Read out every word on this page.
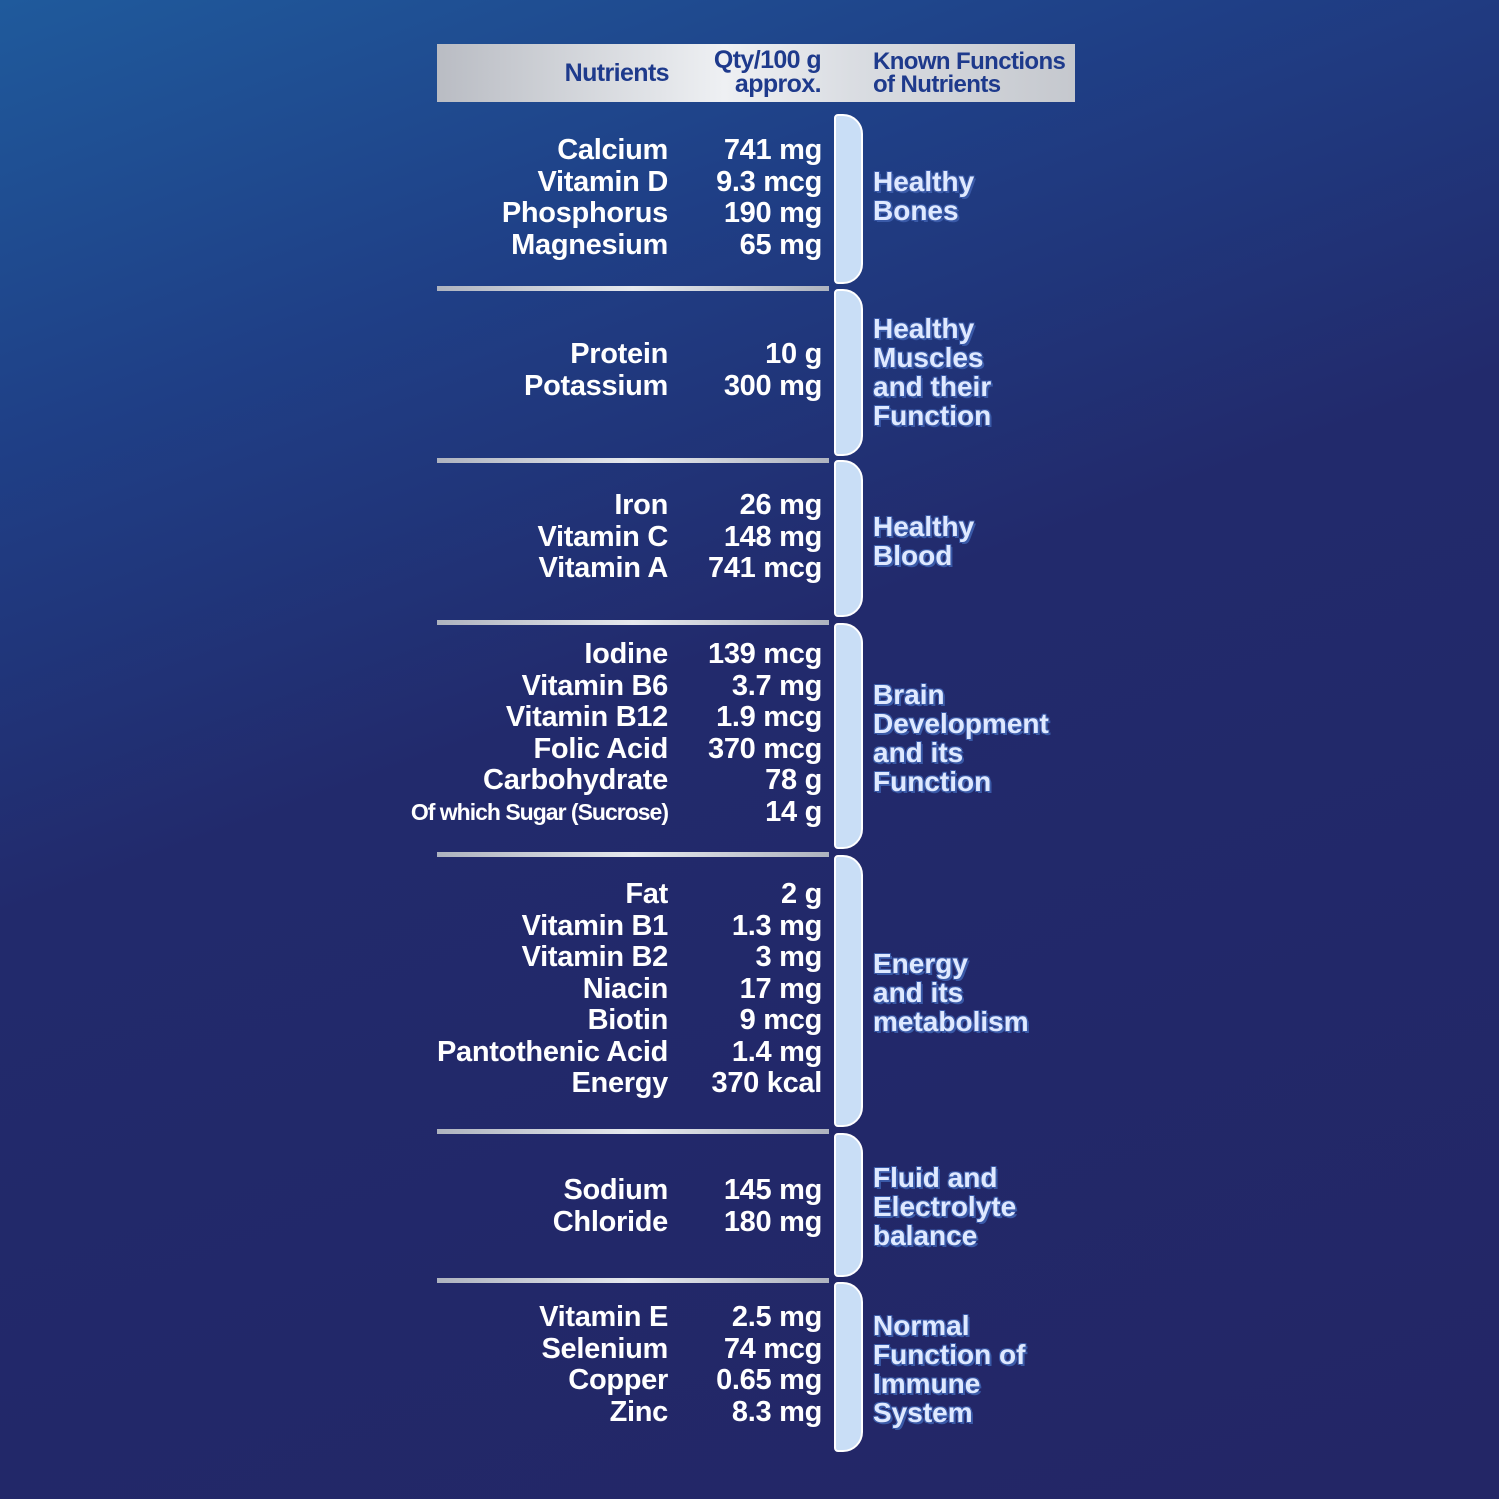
Nutrients	Qty/100 g
approx.
Known Functions
of Nutrients
Calcium
Vitamin D
Phosphorus
Magnesium
741 mg
9.3 mcg
190 mg
65 mg
Healthy
Bones
Protein
Potassium
10 g
300 mg
Healthy
Muscles
and their
Function
Iron
Vitamin C
Vitamin A
26 mg
148 mg
741 mcg
Healthy
Blood
Iodine
Vitamin B6
Vitamin B12
Folic Acid
Carbohydrate
Of which Sugar (Sucrose)
139 mcg
3.7 mg
1.9 mcg
370 mcg
78 g
14 g
Brain
Development
and its
Function
Fat
Vitamin B1
Vitamin B2
Niacin
Biotin
Pantothenic Acid
Energy
2 g
1.3 mg
3 mg
17 mg
9 mcg
1.4 mg
370 kcal
Energy
and its
metabolism
Sodium
Chloride
145 mg
180 mg
Fluid and
Electrolyte
balance
Vitamin E
Selenium
Copper
Zinc
2.5 mg
74 mcg
0.65 mg
8.3 mg
Normal
Function of
Immune
System
